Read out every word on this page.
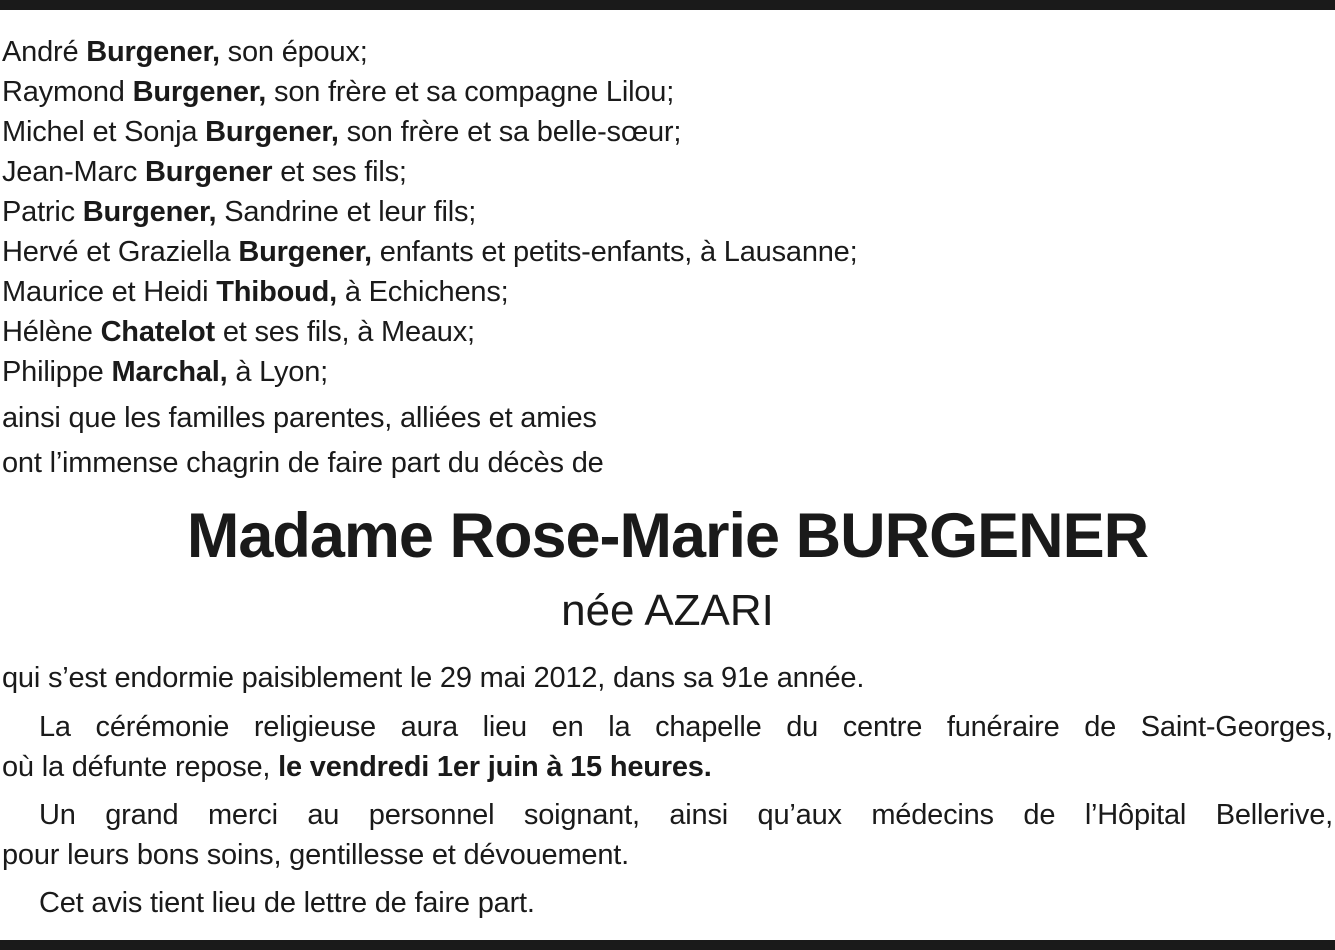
André Burgener, son époux;
Raymond Burgener, son frère et sa compagne Lilou;
Michel et Sonja Burgener, son frère et sa belle-sœur;
Jean-Marc Burgener et ses fils;
Patric Burgener, Sandrine et leur fils;
Hervé et Graziella Burgener, enfants et petits-enfants, à Lausanne;
Maurice et Heidi Thiboud, à Echichens;
Hélène Chatelot et ses fils, à Meaux;
Philippe Marchal, à Lyon;
ainsi que les familles parentes, alliées et amies
ont l’immense chagrin de faire part du décès de
Madame Rose-Marie BURGENER
née AZARI
qui s’est endormie paisiblement le 29 mai 2012, dans sa 91e année.
La cérémonie religieuse aura lieu en la chapelle du centre funéraire de Saint-Georges,
où la défunte repose, le vendredi 1er juin à 15 heures.
Un grand merci au personnel soignant, ainsi qu’aux médecins de l’Hôpital Bellerive,
pour leurs bons soins, gentillesse et dévouement.
Cet avis tient lieu de lettre de faire part.
